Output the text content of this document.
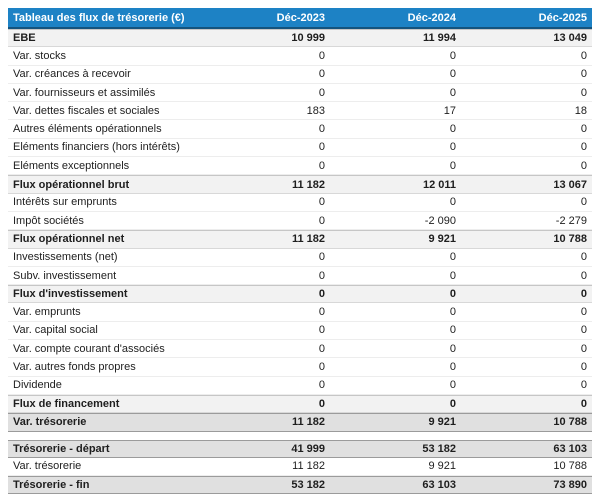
Tableau des flux de trésorerie (€)	Déc-2023	Déc-2024	Déc-2025
EBE	10 999	11 994	13 049
Var. stocks	0	0	0
Var. créances à recevoir	0	0	0
Var. fournisseurs et assimilés	0	0	0
Var. dettes fiscales et sociales	183	17	18
Autres éléments opérationnels	0	0	0
Eléments financiers (hors intérêts)	0	0	0
Eléments exceptionnels	0	0	0
Flux opérationnel brut	11 182	12 011	13 067
Intérêts sur emprunts	0	0	0
Impôt sociétés	0	-2 090	-2 279
Flux opérationnel net	11 182	9 921	10 788
Investissements (net)	0	0	0
Subv. investissement	0	0	0
Flux d'investissement	0	0	0
Var. emprunts	0	0	0
Var. capital social	0	0	0
Var. compte courant d'associés	0	0	0
Var. autres fonds propres	0	0	0
Dividende	0	0	0
Flux de financement	0	0	0
Var. trésorerie	11 182	9 921	10 788
Trésorerie - départ	41 999	53 182	63 103
Var. trésorerie	11 182	9 921	10 788
Trésorerie - fin	53 182	63 103	73 890
